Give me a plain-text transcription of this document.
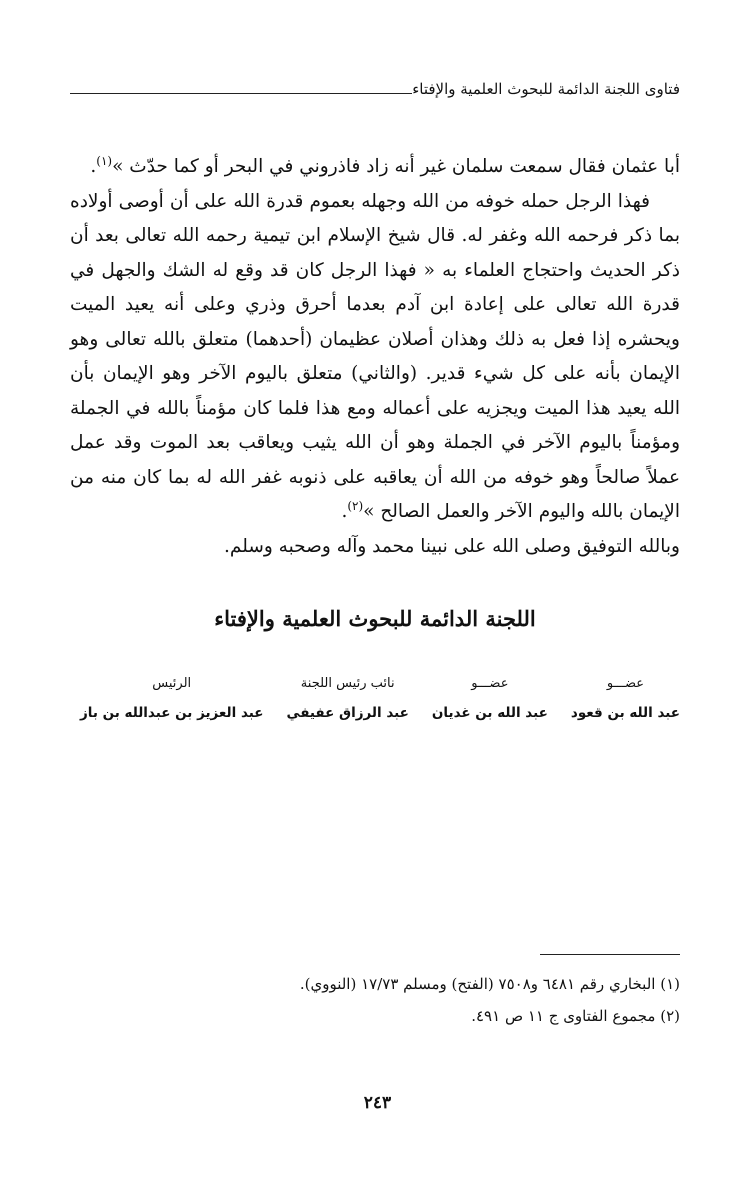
فتاوى اللجنة الدائمة للبحوث العلمية والإفتاء

أبا عثمان فقال سمعت سلمان غير أنه زاد فاذروني في البحر أو كما حدّث »$^{(١)}$.

فهذا الرجل حمله خوفه من الله وجهله بعموم قدرة الله على أن أوصى أولاده بما ذكر فرحمه الله وغفر له. قال شيخ الإسلام ابن تيمية رحمه الله تعالى بعد أن ذكر الحديث واحتجاج العلماء به « فهذا الرجل كان قد وقع له الشك والجهل في قدرة الله تعالى على إعادة ابن آدم بعدما أحرق وذري وعلى أنه يعيد الميت ويحشره إذا فعل به ذلك وهذان أصلان عظيمان (أحدهما) متعلق بالله تعالى وهو الإيمان بأنه على كل شيء قدير. (والثاني) متعلق باليوم الآخر وهو الإيمان بأن الله يعيد هذا الميت ويجزيه على أعماله ومع هذا فلما كان مؤمناً بالله في الجملة ومؤمناً باليوم الآخر في الجملة وهو أن الله يثيب ويعاقب بعد الموت وقد عمل عملاً صالحاً وهو خوفه من الله أن يعاقبه على ذنوبه غفر الله له بما كان منه من الإيمان بالله واليوم الآخر والعمل الصالح »$^{(٢)}$.

وبالله التوفيق وصلى الله على نبينا محمد وآله وصحبه وسلم.

اللجنة الدائمة للبحوث العلمية والإفتاء
عضـــو
عبد الله بن قعود
عضـــو
عبد الله بن غديان
نائب رئيس اللجنة
عبد الرزاق عفيفي
الرئيس
عبد العزيز بن عبدالله بن باز

(١) البخاري رقم ٦٤٨١ و٧٥٠٨ (الفتح) ومسلم ١٧/٧٣ (النووي).

(٢) مجموع الفتاوى ج ١١ ص ٤٩١.

٢٤٣
